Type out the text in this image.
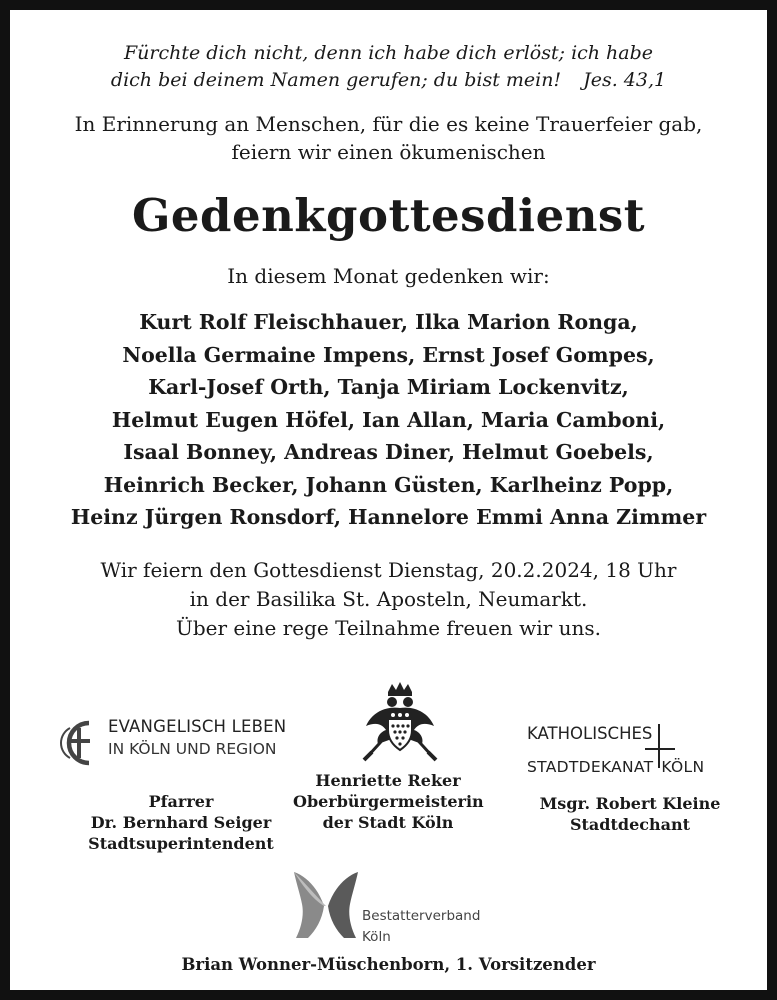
Fürchte dich nicht, denn ich habe dich erlöst; ich habe
dich bei deinem Namen gerufen; du bist mein! Jes. 43,1
In Erinnerung an Menschen, für die es keine Trauerfeier gab,
feiern wir einen ökumenischen
Gedenkgottesdienst
In diesem Monat gedenken wir:
Kurt Rolf Fleischhauer, Ilka Marion Ronga,
Noella Germaine Impens, Ernst Josef Gompes,
Karl-Josef Orth, Tanja Miriam Lockenvitz,
Helmut Eugen Höfel, Ian Allan, Maria Camboni,
Isaal Bonney, Andreas Diner, Helmut Goebels,
Heinrich Becker, Johann Güsten, Karlheinz Popp,
Heinz Jürgen Ronsdorf, Hannelore Emmi Anna Zimmer
Wir feiern den Gottesdienst Dienstag, 20.2.2024, 18 Uhr
in der Basilika St. Aposteln, Neumarkt.
Über eine rege Teilnahme freuen wir uns.
EVANGELISCH LEBEN
IN KÖLN UND REGION
Pfarrer
Dr. Bernhard Seiger
Stadtsuperintendent
Henriette Reker
Oberbürgermeisterin
der Stadt Köln
KATHOLISCHES
STADTDEKANAT KÖLN
Msgr. Robert Kleine
Stadtdechant
Bestatterverband
Köln
Brian Wonner-Müschenborn, 1. Vorsitzender
